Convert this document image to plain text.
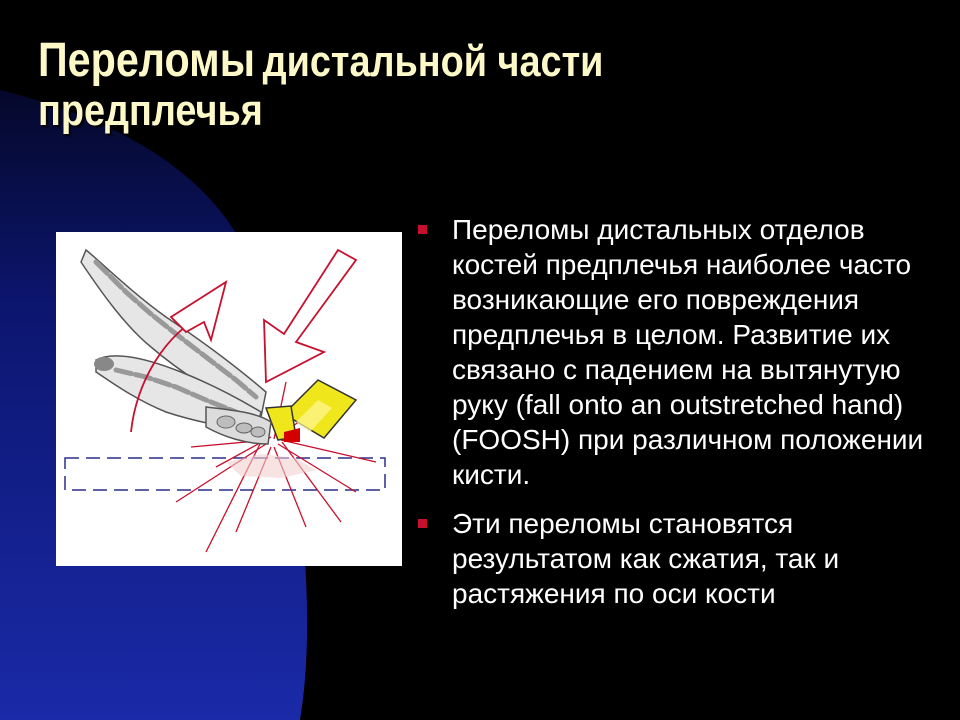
Переломы дистальной части
предплечья
Переломы дистальных отделов костей предплечья наиболее часто возникающие его повреждения предплечья в целом. Развитие их связано с падением на вытянутую руку (fall onto an outstretched hand) (FOOSH) при различном положении кисти.
Эти переломы становятся результатом как сжатия, так и растяжения по оси кости
